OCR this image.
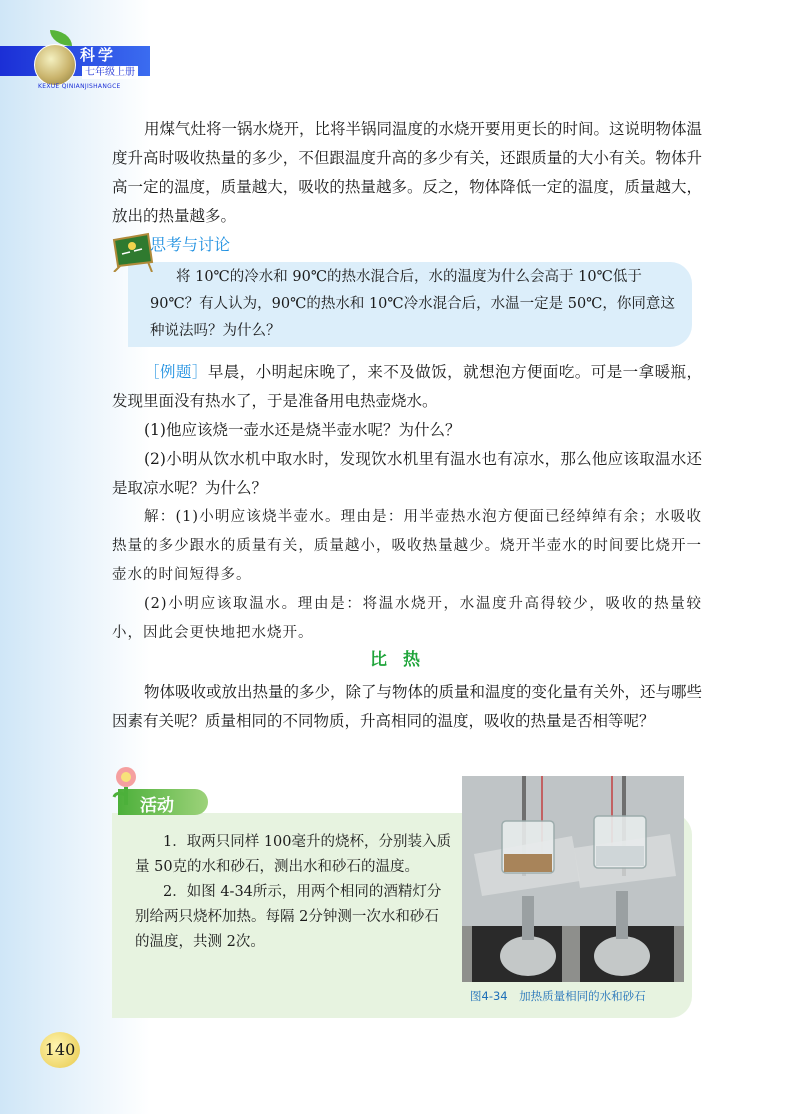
科学
七年级上册
KEXUE QINIANJISHANGCE
用煤气灶将一锅水烧开，比将半锅同温度的水烧开要用更长的时间。这说明物体温度升高时吸收热量的多少，不但跟温度升高的多少有关，还跟质量的大小有关。物体升高一定的温度，质量越大，吸收的热量越多。反之，物体降低一定的温度，质量越大，放出的热量越多。
思考与讨论
将 10℃的冷水和 90℃的热水混合后，水的温度为什么会高于 10℃低于 90℃？有人认为，90℃的热水和 10℃冷水混合后，水温一定是 50℃，你同意这种说法吗？为什么？
［例题］早晨，小明起床晚了，来不及做饭，就想泡方便面吃。可是一拿暖瓶，发现里面没有热水了，于是准备用电热壶烧水。
(1)他应该烧一壶水还是烧半壶水呢？为什么？
(2)小明从饮水机中取水时，发现饮水机里有温水也有凉水，那么他应该取温水还是取凉水呢？为什么？
解：(1)小明应该烧半壶水。理由是：用半壶热水泡方便面已经绰绰有余；水吸收热量的多少跟水的质量有关，质量越小，吸收热量越少。烧开半壶水的时间要比烧开一壶水的时间短得多。
(2)小明应该取温水。理由是：将温水烧开，水温度升高得较少，吸收的热量较小，因此会更快地把水烧开。
比热
物体吸收或放出热量的多少，除了与物体的质量和温度的变化量有关外，还与哪些因素有关呢？质量相同的不同物质，升高相同的温度，吸收的热量是否相等呢？
活动
1．取两只同样 100毫升的烧杯，分别装入质量 50克的水和砂石，测出水和砂石的温度。
2．如图 4-34所示，用两个相同的酒精灯分别给两只烧杯加热。每隔 2分钟测一次水和砂石的温度，共测 2次。
图4-34　加热质量相同的水和砂石
140
